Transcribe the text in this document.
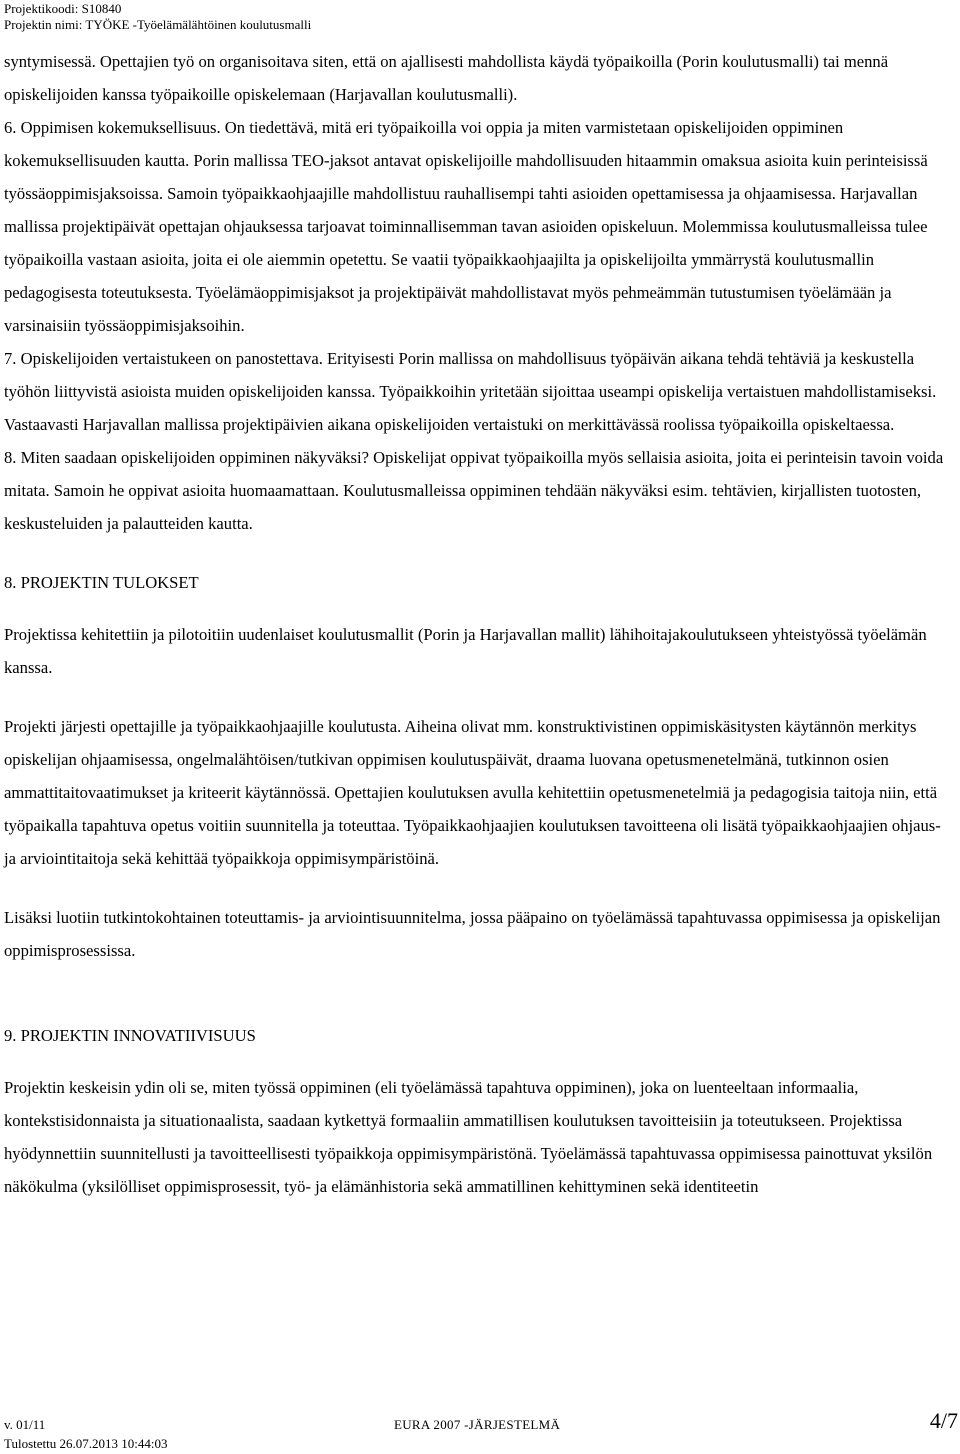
Projektikoodi: S10840
Projektin nimi: TYÖKE -Työelämälähtöinen koulutusmalli

syntymisessä. Opettajien työ on organisoitava siten, että on ajallisesti mahdollista käydä työpaikoilla (Porin koulutusmalli) tai mennä opiskelijoiden kanssa työpaikoille opiskelemaan (Harjavallan koulutusmalli).

6. Oppimisen kokemuksellisuus. On tiedettävä, mitä eri työpaikoilla voi oppia ja miten varmistetaan opiskelijoiden oppiminen kokemuksellisuuden kautta. Porin mallissa TEO-jaksot antavat opiskelijoille mahdollisuuden hitaammin omaksua asioita kuin perinteisissä työssäoppimisjaksoissa. Samoin työpaikkaohjaajille mahdollistuu rauhallisempi tahti asioiden opettamisessa ja ohjaamisessa. Harjavallan mallissa projektipäivät opettajan ohjauksessa tarjoavat toiminnallisemman tavan asioiden opiskeluun. Molemmissa koulutusmalleissa tulee työpaikoilla vastaan asioita, joita ei ole aiemmin opetettu. Se vaatii työpaikkaohjaajilta ja opiskelijoilta ymmärrystä koulutusmallin pedagogisesta toteutuksesta. Työelämäoppimisjaksot ja projektipäivät mahdollistavat myös pehmeämmän tutustumisen työelämään ja varsinaisiin työssäoppimisjaksoihin.

7. Opiskelijoiden vertaistukeen on panostettava. Erityisesti Porin mallissa on mahdollisuus työpäivän aikana tehdä tehtäviä ja keskustella työhön liittyvistä asioista muiden opiskelijoiden kanssa. Työpaikkoihin yritetään sijoittaa useampi opiskelija vertaistuen mahdollistamiseksi. Vastaavasti Harjavallan mallissa projektipäivien aikana opiskelijoiden vertaistuki on merkittävässä roolissa työpaikoilla opiskeltaessa.

8. Miten saadaan opiskelijoiden oppiminen näkyväksi? Opiskelijat oppivat työpaikoilla myös sellaisia asioita, joita ei perinteisin tavoin voida mitata. Samoin he oppivat asioita huomaamattaan. Koulutusmalleissa oppiminen tehdään näkyväksi esim. tehtävien, kirjallisten tuotosten, keskusteluiden ja palautteiden kautta.

8. PROJEKTIN TULOKSET

Projektissa kehitettiin ja pilotoitiin uudenlaiset koulutusmallit (Porin ja Harjavallan mallit) lähihoitajakoulutukseen yhteistyössä työelämän kanssa.

Projekti järjesti opettajille ja työpaikkaohjaajille koulutusta. Aiheina olivat mm. konstruktivistinen oppimiskäsitysten käytännön merkitys opiskelijan ohjaamisessa, ongelmalähtöisen/tutkivan oppimisen koulutuspäivät, draama luovana opetusmenetelmänä, tutkinnon osien ammattitaitovaatimukset ja kriteerit käytännössä. Opettajien koulutuksen avulla kehitettiin opetusmenetelmiä ja pedagogisia taitoja niin, että työpaikalla tapahtuva opetus voitiin suunnitella ja toteuttaa. Työpaikkaohjaajien koulutuksen tavoitteena oli lisätä työpaikkaohjaajien ohjaus- ja arviointitaitoja sekä kehittää työpaikkoja oppimisympäristöinä.

Lisäksi luotiin tutkintokohtainen toteuttamis- ja arviointisuunnitelma, jossa pääpaino on työelämässä tapahtuvassa oppimisessa ja opiskelijan oppimisprosessissa.

9. PROJEKTIN INNOVATIIVISUUS

Projektin keskeisin ydin oli se, miten työssä oppiminen (eli työelämässä tapahtuva oppiminen), joka on luenteeltaan informaalia, kontekstisidonnaista ja situationaalista, saadaan kytkettyä formaaliin ammatillisen koulutuksen tavoitteisiin ja toteutukseen. Projektissa hyödynnettiin suunnitellusti ja tavoitteellisesti työpaikkoja oppimisympäristönä. Työelämässä tapahtuvassa oppimisessa painottuvat yksilön näkökulma (yksilölliset oppimisprosessit, työ- ja elämänhistoria sekä ammatillinen kehittyminen sekä identiteetin

v. 01/11	EURA 2007 -JÄRJESTELMÄ	4/7
Tulostettu 26.07.2013 10:44:03
